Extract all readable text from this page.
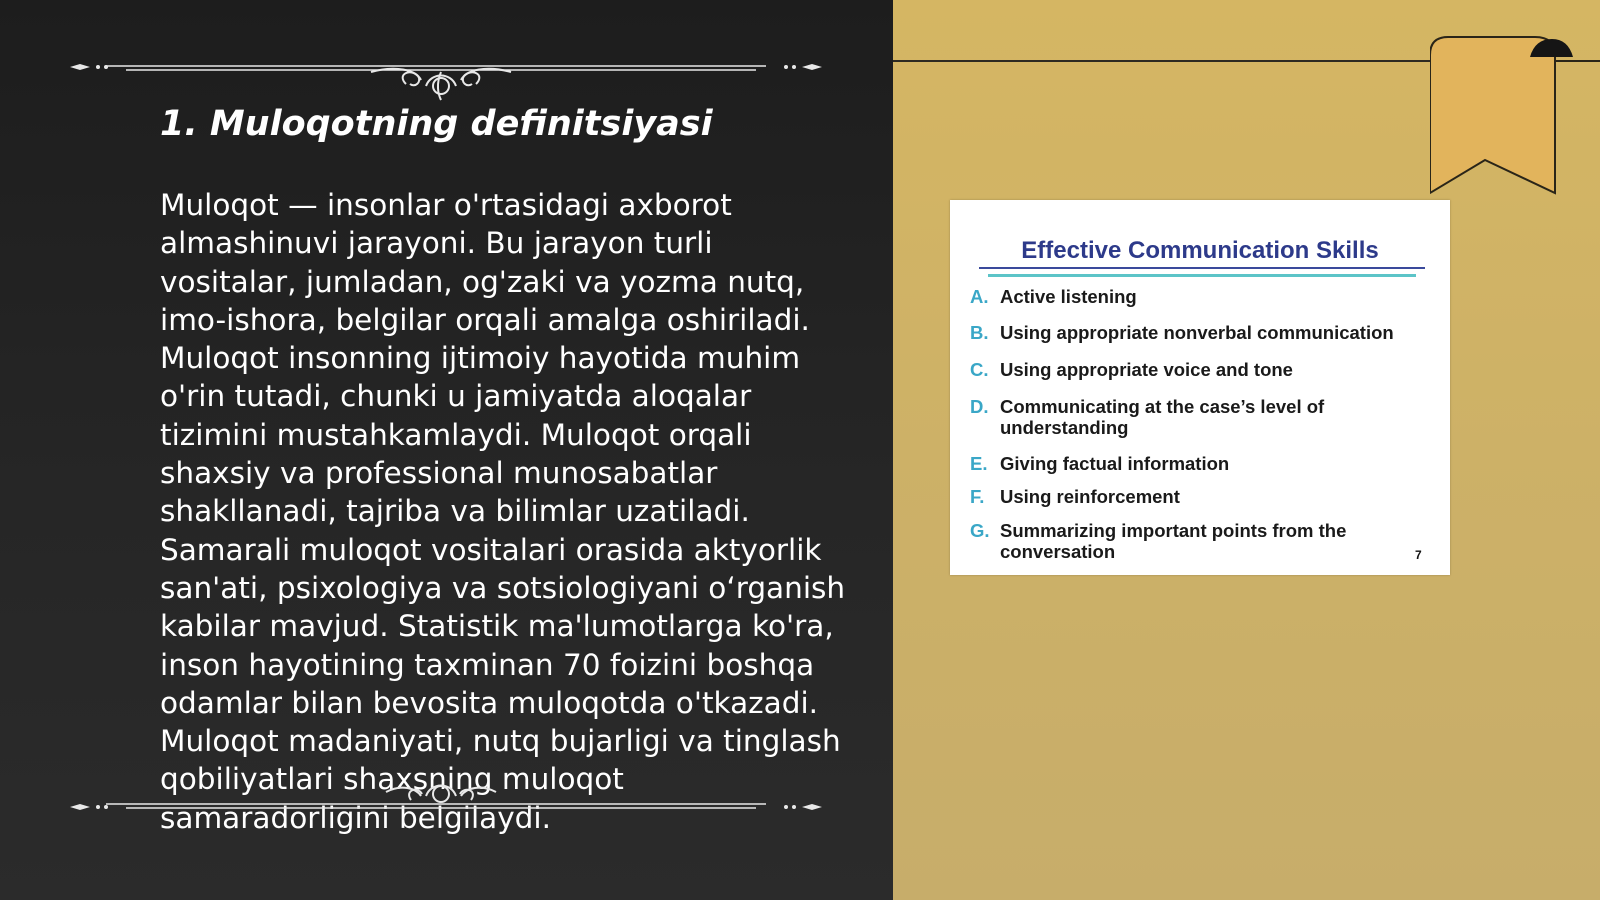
1. Muloqotning definitsiyasi

Muloqot — insonlar o'rtasidagi axborot almashinuvi jarayoni. Bu jarayon turli vositalar, jumladan, og'zaki va yozma nutq, imo-ishora, belgilar orqali amalga oshiriladi. Muloqot insonning ijtimoiy hayotida muhim o'rin tutadi, chunki u jamiyatda aloqalar tizimini mustahkamlaydi. Muloqot orqali shaxsiy va professional munosabatlar shakllanadi, tajriba va bilimlar uzatiladi. Samarali muloqot vositalari orasida aktyorlik san'ati, psixologiya va sotsiologiyani o‘rganish kabilar mavjud. Statistik ma'lumotlarga ko'ra, inson hayotining taxminan 70 foizini boshqa odamlar bilan bevosita muloqotda o'tkazadi. Muloqot madaniyati, nutq bujarligi va tinglash qobiliyatlari shaxsning muloqot samaradorligini belgilaydi.

Effective Communication Skills
A. Active listening
B. Using appropriate nonverbal communication
C. Using appropriate voice and tone
D. Communicating at the case’s level of understanding
E. Giving factual information
F. Using reinforcement
G. Summarizing important points from the conversation	7
